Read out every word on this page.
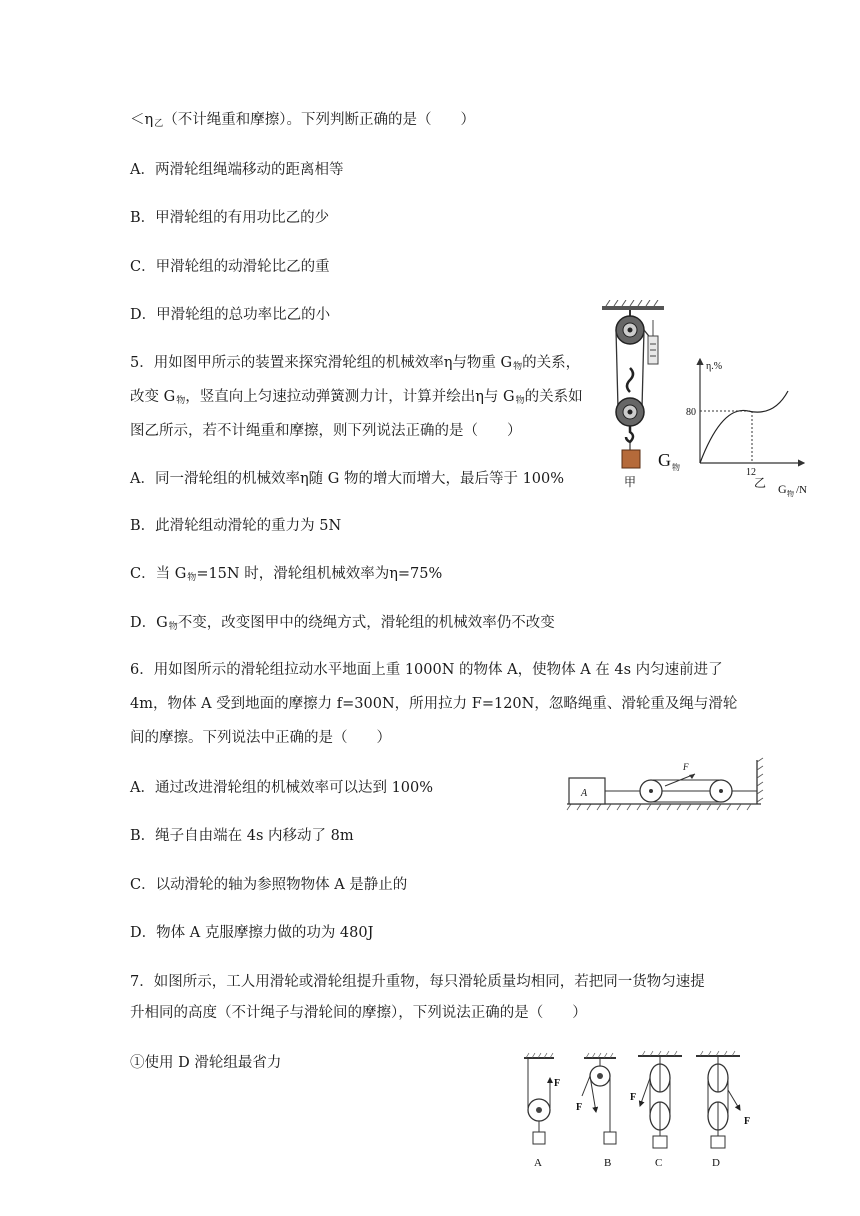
$<\eta_乙$（不计绳重和摩擦）。下列判断正确的是（　　）
A．两滑轮组绳端移动的距离相等
B．甲滑轮组的有用功比乙的少
C．甲滑轮组的动滑轮比乙的重
D．甲滑轮组的总功率比乙的小
5．用如图甲所示的装置来探究滑轮组的机械效率η与物重 $G_物$的关系，
改变 $G_物$，竖直向上匀速拉动弹簧测力计，计算并绘出η与 $G_物$的关系如
图乙所示，若不计绳重和摩擦，则下列说法正确的是（　　）
A．同一滑轮组的机械效率η随 G 物的增大而增大，最后等于 100%
B．此滑轮组动滑轮的重力为 5N
C．当 $G_物=15N$ 时，滑轮组机械效率为η=75%
D．$G_物$不变，改变图甲中的绕绳方式，滑轮组的机械效率仍不改变
G 物
甲
η.%
80
12
乙 G 物 /N
6．用如图所示的滑轮组拉动水平地面上重 1000N 的物体 A，使物体 A 在 4s 内匀速前进了
4m，物体 A 受到地面的摩擦力 f=300N，所用拉力 F=120N，忽略绳重、滑轮重及绳与滑轮
间的摩擦。下列说法中正确的是（　　）
A．通过改进滑轮组的机械效率可以达到 100%
B．绳子自由端在 4s 内移动了 8m
C．以动滑轮的轴为参照物物体 A 是静止的
D．物体 A 克服摩擦力做的功为 480J
A
F
7．如图所示，工人用滑轮或滑轮组提升重物，每只滑轮质量均相同，若把同一货物匀速提
升相同的高度（不计绳子与滑轮间的摩擦），下列说法正确的是（　　）
①使用 D 滑轮组最省力
F
A
F
B
F
C
F
D
